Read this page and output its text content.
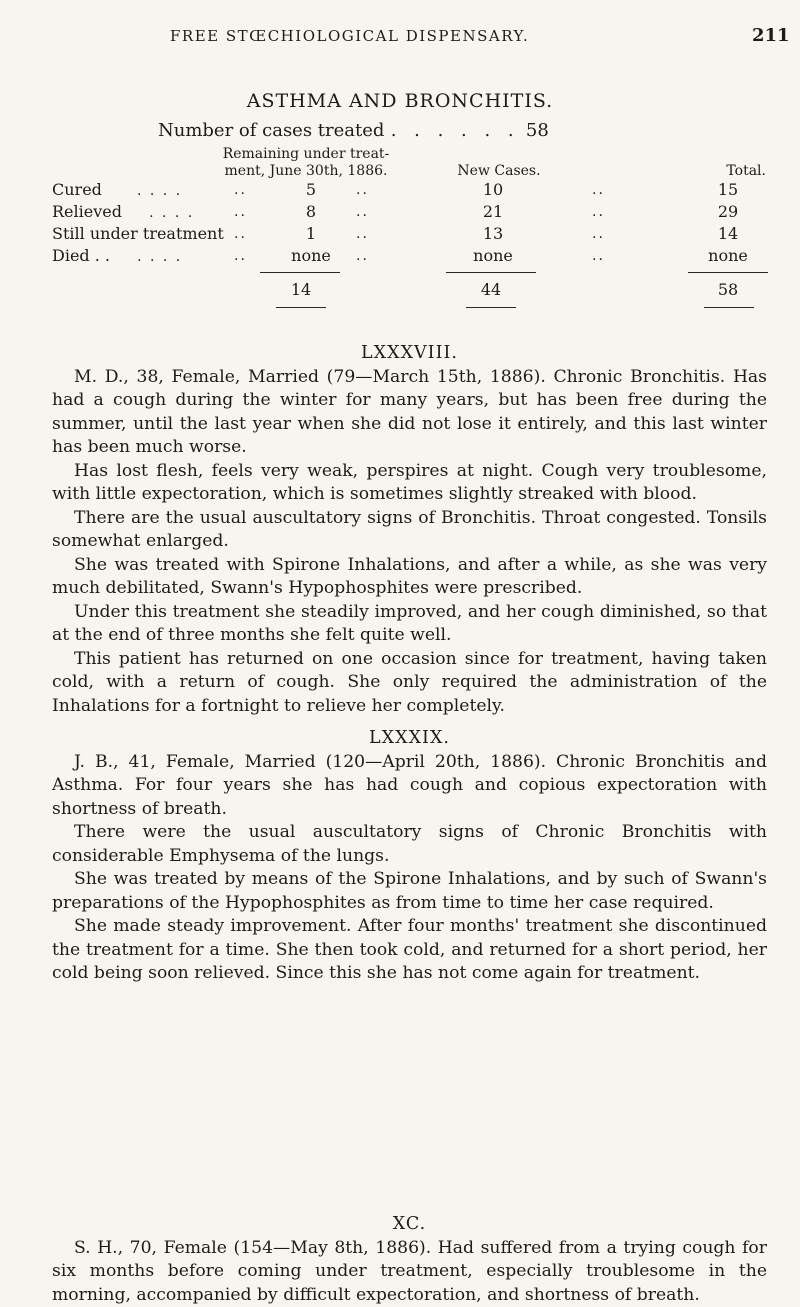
FREE STŒCHIOLOGICAL DISPENSARY.	211
ASTHMA AND BRONCHITIS.
Number of cases treated . . . . . . 58
Remaining under treat-
ment, June 30th, 1886.	New Cases.	Total.
Cured	. . . .	..	5	..	10	..	15
Relieved . . . .	..	8	..	21	..	29
Still under treatment ..	1	..	13	..	14
Died . . . . . .	..	none	..	none	..	none
14	44	58

LXXXVIII.

M. D., 38, Female, Married (79—March 15th, 1886). Chronic Bronchitis. Has had a cough during the winter for many years, but has been free during the summer, until the last year when she did not lose it entirely, and this last winter has been much worse.

Has lost flesh, feels very weak, perspires at night. Cough very troublesome, with little expectoration, which is sometimes slightly streaked with blood.

There are the usual auscultatory signs of Bronchitis. Throat congested. Tonsils somewhat enlarged.

She was treated with Spirone Inhalations, and after a while, as she was very much debilitated, Swann's Hypophosphites were prescribed.

Under this treatment she steadily improved, and her cough diminished, so that at the end of three months she felt quite well.

This patient has returned on one occasion since for treatment, having taken cold, with a return of cough. She only required the administration of the Inhalations for a fortnight to relieve her completely.

LXXXIX.

J. B., 41, Female, Married (120—April 20th, 1886). Chronic Bronchitis and Asthma. For four years she has had cough and copious expectoration with shortness of breath.

There were the usual auscultatory signs of Chronic Bronchitis with considerable Emphysema of the lungs.

She was treated by means of the Spirone Inhalations, and by such of Swann's preparations of the Hypophosphites as from time to time her case required.

She made steady improvement. After four months' treatment she discontinued the treatment for a time. She then took cold, and returned for a short period, her cold being soon relieved. Since this she has not come again for treatment.

XC.

S. H., 70, Female (154—May 8th, 1886). Had suffered from a trying cough for six months before coming under treatment, especially troublesome in the morning, accompanied by difficult expectoration, and shortness of breath.
